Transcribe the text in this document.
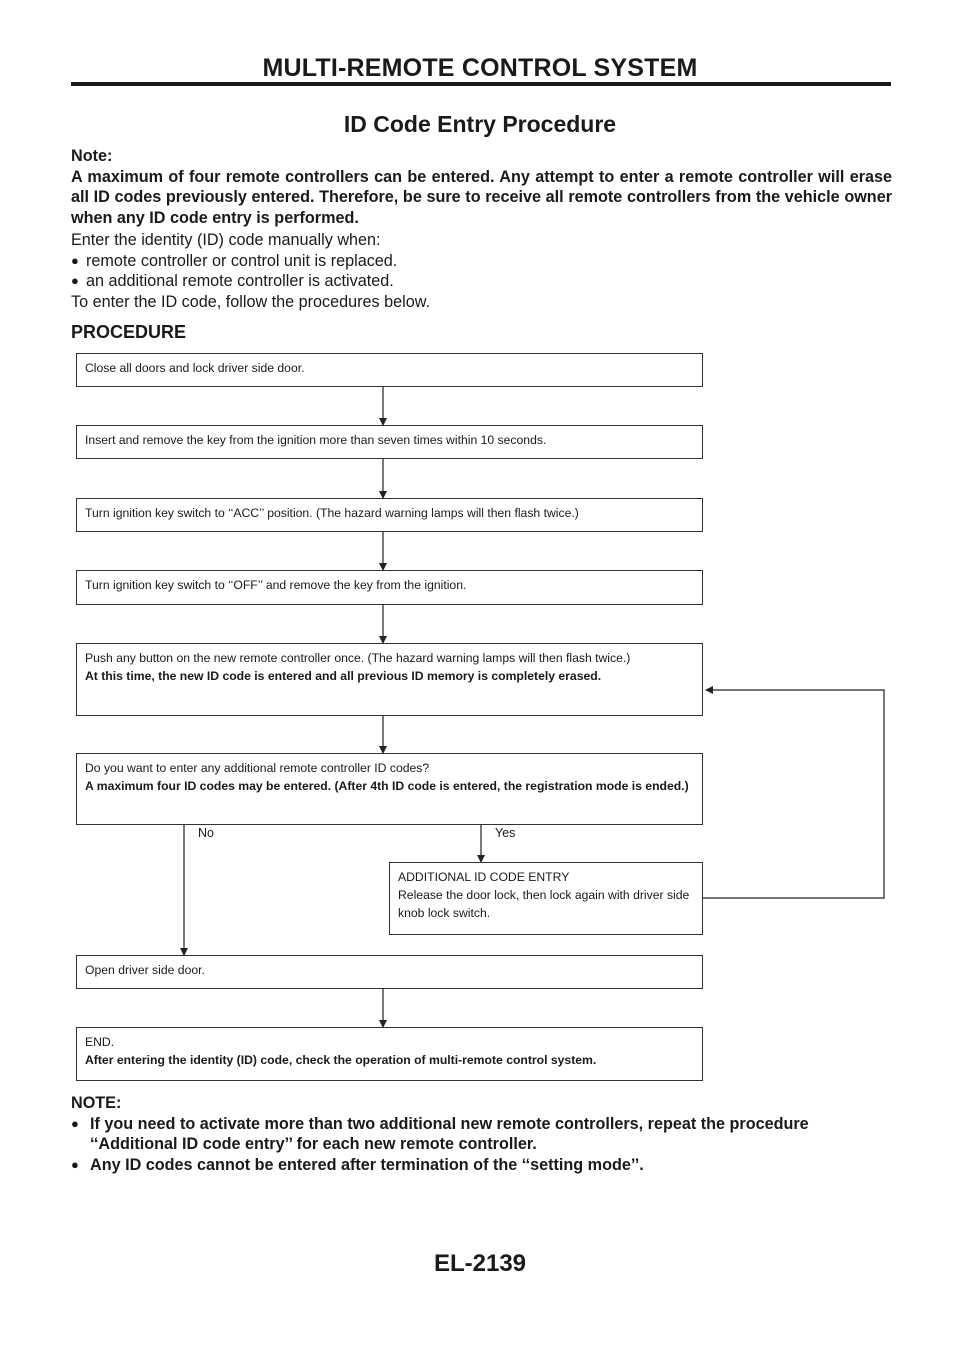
MULTI-REMOTE CONTROL SYSTEM
ID Code Entry Procedure
Note:
A maximum of four remote controllers can be entered. Any attempt to enter a remote controller will erase all ID codes previously entered. Therefore, be sure to receive all remote controllers from the vehicle owner when any ID code entry is performed.
Enter the identity (ID) code manually when:
● remote controller or control unit is replaced.
● an additional remote controller is activated.
To enter the ID code, follow the procedures below.
PROCEDURE
Close all doors and lock driver side door.
Insert and remove the key from the ignition more than seven times within 10 seconds.
Turn ignition key switch to ‘‘ACC’’ position. (The hazard warning lamps will then flash twice.)
Turn ignition key switch to ‘‘OFF’’ and remove the key from the ignition.
Push any button on the new remote controller once. (The hazard warning lamps will then flash twice.)
At this time, the new ID code is entered and all previous ID memory is completely erased.
Do you want to enter any additional remote controller ID codes?
A maximum four ID codes may be entered. (After 4th ID code is entered, the registration mode is ended.)
No	Yes
ADDITIONAL ID CODE ENTRY
Release the door lock, then lock again with driver side knob lock switch.
Open driver side door.
END.
After entering the identity (ID) code, check the operation of multi-remote control system.
NOTE:
● If you need to activate more than two additional new remote controllers, repeat the procedure ‘‘Additional ID code entry’’ for each new remote controller.
● Any ID codes cannot be entered after termination of the ‘‘setting mode’’.
EL-2139
